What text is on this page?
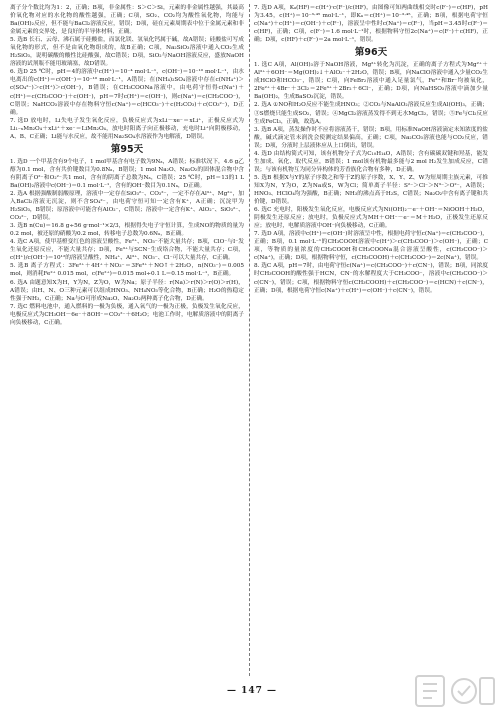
离子分个数比均为1：2，正确；B项，非金属性：S＞C＞Si，元素的非金属性越强，其最高价氧化物对应的水化物的酸性越强，正确；C项，SO₂、CO₂均为酸性氧化物，均能与Ba(OH)₂反应，但不能与BaCl₂溶液反应，错误；D项，硅在元素周期表中位于金属元素和非金属元素的交界处，是良好的半导体材料，正确。

5. 选B 长石、云母、沸石属于硅酸盐，而氯化镁、氢氧化钙属于碱，故A错误；硅酸盐可写成氧化物的形式，但不是由氧化物组成的，故B正确；C项，Na₂SiO₃溶液中通入CO₂生成H₂SiO₃，说明碳酸的酸性比硅酸强，故C错误；D项，SiO₂与NaOH溶液反应，盛放NaOH溶液的试剂瓶不能用玻璃塞，故D错误。

6. 选D 25 ℃时，pH＝4的溶液中c(H⁺)＝10⁻⁴ mol·L⁻¹，c(OH⁻)＝10⁻¹⁰ mol·L⁻¹，由水电离出的c(H⁺)＝c(OH⁻)＝10⁻¹⁰ mol·L⁻¹，A错误；在(NH₄)₂SO₄溶液中存在c(NH₄⁺)＞c(SO₄²⁻)＞c(H⁺)＞c(OH⁻)，B错误；在CH₃COONa溶液中，由电荷守恒得c(Na⁺)＋c(H⁺)＝c(CH₃COO⁻)＋c(OH⁻)，pH＝7时c(H⁺)＝c(OH⁻)，则c(Na⁺)＝c(CH₃COO⁻)，C错误；NaHCO₃溶液中存在物料守恒c(Na⁺)＝c(HCO₃⁻)＋c(H₂CO₃)＋c(CO₃²⁻)，D正确。

7. 选D 放电时，Li失电子发生氧化反应，负极反应式为xLi－xe⁻＝xLi⁺，正极反应式为Li₁₋ₓMn₂O₄＋xLi⁺＋xe⁻＝LiMn₂O₄，放电时阳离子向正极移动，充电时Li⁺向阴极移动，A、B、C正确；Li能与水反应，故不能用Na₂SO₄水溶液作为电解液，D错误。

第95天

1. 选D 一个甲基含有9个电子，1 mol甲基含有电子数为9Nₐ，A错误；标准状况下，4.6 g乙醇为0.1 mol，含有共价键数目为0.8Nₐ，B错误；1 mol Na₂O、Na₂O₂的固体混合物中含有阴离子O²⁻和O₂²⁻共1 mol，含有的阴离子总数为Nₐ，C错误；25 ℃时，pH＝13的1 L Ba(OH)₂溶液中c(OH⁻)＝0.1 mol·L⁻¹，含有的OH⁻数目为0.1Nₐ，D正确。

2. 选A 根据强酸制弱酸原理，溶液中一定存在SiO₃²⁻、CO₃²⁻，一定不存在Al³⁺、Mg²⁺，加入BaCl₂溶液无沉淀，则不含SO₄²⁻，由电荷守恒可知一定含有K⁺，A正确；沉淀甲为H₂SiO₃，B错误；原溶液中可能含有AlO₂⁻，C错误；溶液中一定含有K⁺、AlO₂⁻、SiO₃²⁻、CO₃²⁻，D错误。

3. 选B n(Cu)＝16.8 g÷56 g·mol⁻¹×2/3，根据得失电子守恒计算，生成NO的物质的量为0.2 mol，被还原的硝酸为0.2 mol，转移电子总数为0.6Nₐ，B正确。

4. 选C A项，使甲基橙变红色的溶液呈酸性，Fe²⁺、NO₃⁻不能大量共存；B项，ClO⁻与I⁻发生氧化还原反应，不能大量共存；D项，Fe³⁺与SCN⁻生成络合物，不能大量共存；C项，c(H⁺)/c(OH⁻)＝10¹²的溶液呈酸性，NH₄⁺、Al³⁺、NO₃⁻、Cl⁻可以大量共存，C正确。

5. 选B 离子方程式：3Fe²⁺＋4H⁺＋NO₃⁻＝3Fe³⁺＋NO↑＋2H₂O，n(NO₃⁻)＝0.005 mol，则消耗Fe²⁺ 0.015 mol，c(Fe²⁺)＝0.015 mol÷0.1 L＝0.15 mol·L⁻¹，B正确。

6. 选A 由题意知X为H，Y为N，Z为O，W为Na；原子半径：r(Na)＞r(N)＞r(O)＞r(H)，A错误；由H、N、O三种元素可以组成HNO₃、NH₄NO₃等化合物，B正确；H₂O的热稳定性强于NH₃，C正确；Na与O可形成Na₂O、Na₂O₂两种离子化合物，D正确。

7. 选C 燃料电池中，通入燃料的一极为负极，通入氧气的一极为正极，负极发生氧化反应，电极反应式为CH₃OH－6e⁻＋8OH⁻＝CO₃²⁻＋6H₂O；电池工作时，电解质溶液中的阴离子向负极移动，C正确。

7. 选D A项，Kₐ(HF)＝c(H⁺)·c(F⁻)/c(HF)，由图像可知两曲线相交时c(F⁻)＝c(HF)，pH为3.45，c(H⁺)＝10⁻³·⁴⁵ mol·L⁻¹，即Kₐ＝c(H⁺)＝10⁻³·⁴⁵，正确；B项，根据电荷守恒c(Na⁺)＋c(H⁺)＝c(OH⁻)＋c(F⁻)，溶液呈中性时c(Na⁺)＝c(F⁻)，当pH＝3.45时c(F⁻)＝c(HF)，正确；C项，c(F⁻)＝1.6 mol·L⁻¹时，根据物料守恒2c(Na⁺)＝c(F⁻)＋c(HF)，正确；D项，c(HF)＋c(F⁻)＝2a mol·L⁻¹，错误。

第96天

1. 选C A项，Al(OH)₃溶于NaOH溶液，Mg²⁺转化为沉淀，正确的离子方程式为Mg²⁺＋Al³⁺＋6OH⁻＝Mg(OH)₂↓＋AlO₂⁻＋2H₂O，错误；B项，向NaClO溶液中通入少量CO₂生成HClO和HCO₃⁻，错误；C项，向FeBr₂溶液中通入足量氯气，Fe²⁺和Br⁻均被氧化，2Fe²⁺＋4Br⁻＋3Cl₂＝2Fe³⁺＋2Br₂＋6Cl⁻，正确；D项，向NaHSO₃溶液中滴加少量Ba(OH)₂，生成BaSO₃沉淀，错误。

2. 选A ①NO和H₂O反应不能生成HNO₃；②CO₂与NaAlO₂溶液反应生成Al(OH)₃，正确；③S燃烧只能生成SO₂，错误；④MgCl₂溶液蒸发得不到无水MgCl₂，错误；⑤Fe与Cl₂反应生成FeCl₃，正确，故选A。

3. 选B A项，蒸发操作时不应将溶液蒸干，错误；B项，用标准NaOH溶液滴定未知浓度的盐酸，碱式滴定管未润洗会使测定结果偏高，正确；C项，Na₂CO₃溶液也能与CO₂反应，错误；D项，分液时上层液体应从上口倒出，错误。

4. 选D 由结构简式可知，该有机物分子式为C₁₀H₁₄O，A错误；含有碳碳双键和羟基，能发生加成、氧化、取代反应，B错误；1 mol该有机物最多能与2 mol H₂发生加成反应，C错误；与该有机物互为同分异构体的芳香族化合物有多种，D正确。

5. 选B 根据X与Y的原子序数之和等于Z的原子序数，X、Y、Z、W为短周期主族元素，可推知X为N，Y为O，Z为Na或S，W为Cl；简单离子半径：S²⁻＞Cl⁻＞N³⁻＞O²⁻，A错误；HNO₃、HClO₄均为强酸，B正确；NH₃的沸点高于H₂S，C错误；Na₂O₂中含有离子键和共价键，D错误。

6. 选C 充电时，阳极发生氧化反应，电极反应式为Ni(OH)₂－e⁻＋OH⁻＝NiOOH＋H₂O，阴极发生还原反应；放电时，负极反应式为MH＋OH⁻－e⁻＝M＋H₂O，正极发生还原反应；放电时，电解质溶液中OH⁻向负极移动，C正确。

7. 选D A项，溶液中c(H⁺)＝c(OH⁻)时溶液呈中性，根据电荷守恒c(Na⁺)＝c(CH₃COO⁻)，正确；B项，0.1 mol·L⁻¹的CH₃COOH溶液中c(H⁺)＞c(CH₃COO⁻)＞c(OH⁻)，正确；C项，等物质的量浓度的CH₃COOH和CH₃COONa混合溶液呈酸性，c(CH₃COO⁻)＞c(Na⁺)，正确；D项，根据物料守恒，c(CH₃COOH)＋c(CH₃COO⁻)＝2c(Na⁺)，错误。

8. 选C A项，pH＝7时，由电荷守恒c(Na⁺)＝c(CH₃COO⁻)＋c(CN⁻)，错误；B项，同浓度时CH₃COOH的酸性强于HCN，CN⁻的水解程度大于CH₃COO⁻，溶液中c(CH₃COO⁻)＞c(CN⁻)，错误；C项，根据物料守恒c(CH₃COOH)＋c(CH₃COO⁻)＝c(HCN)＋c(CN⁻)，正确；D项，根据电荷守恒c(Na⁺)＋c(H⁺)＝c(OH⁻)＋c(CN⁻)，错误。

— 147 —
